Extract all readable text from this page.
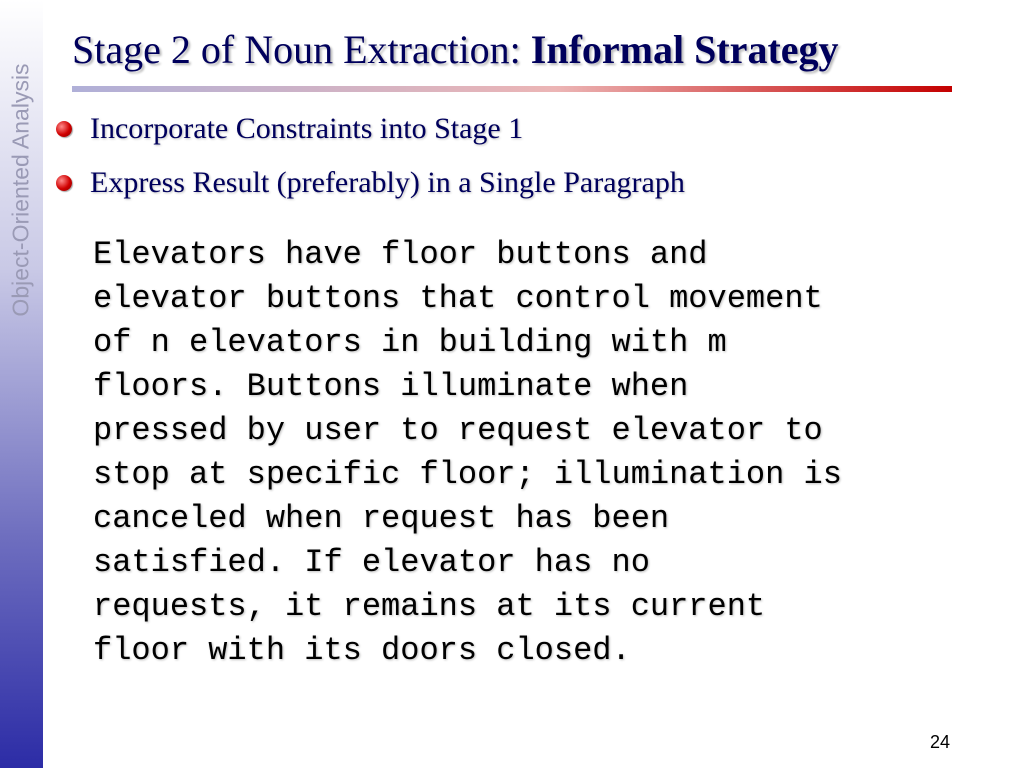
Object-Oriented Analysis
Stage 2 of Noun Extraction: Informal Strategy
Incorporate Constraints into Stage 1
Express Result (preferably) in a Single Paragraph

Elevators have floor buttons and
elevator buttons that control movement
of n elevators in building with m
floors. Buttons illuminate when
pressed by user to request elevator to
stop at specific floor; illumination is
canceled when request has been
satisfied. If elevator has no
requests, it remains at its current
floor with its doors closed.

24
